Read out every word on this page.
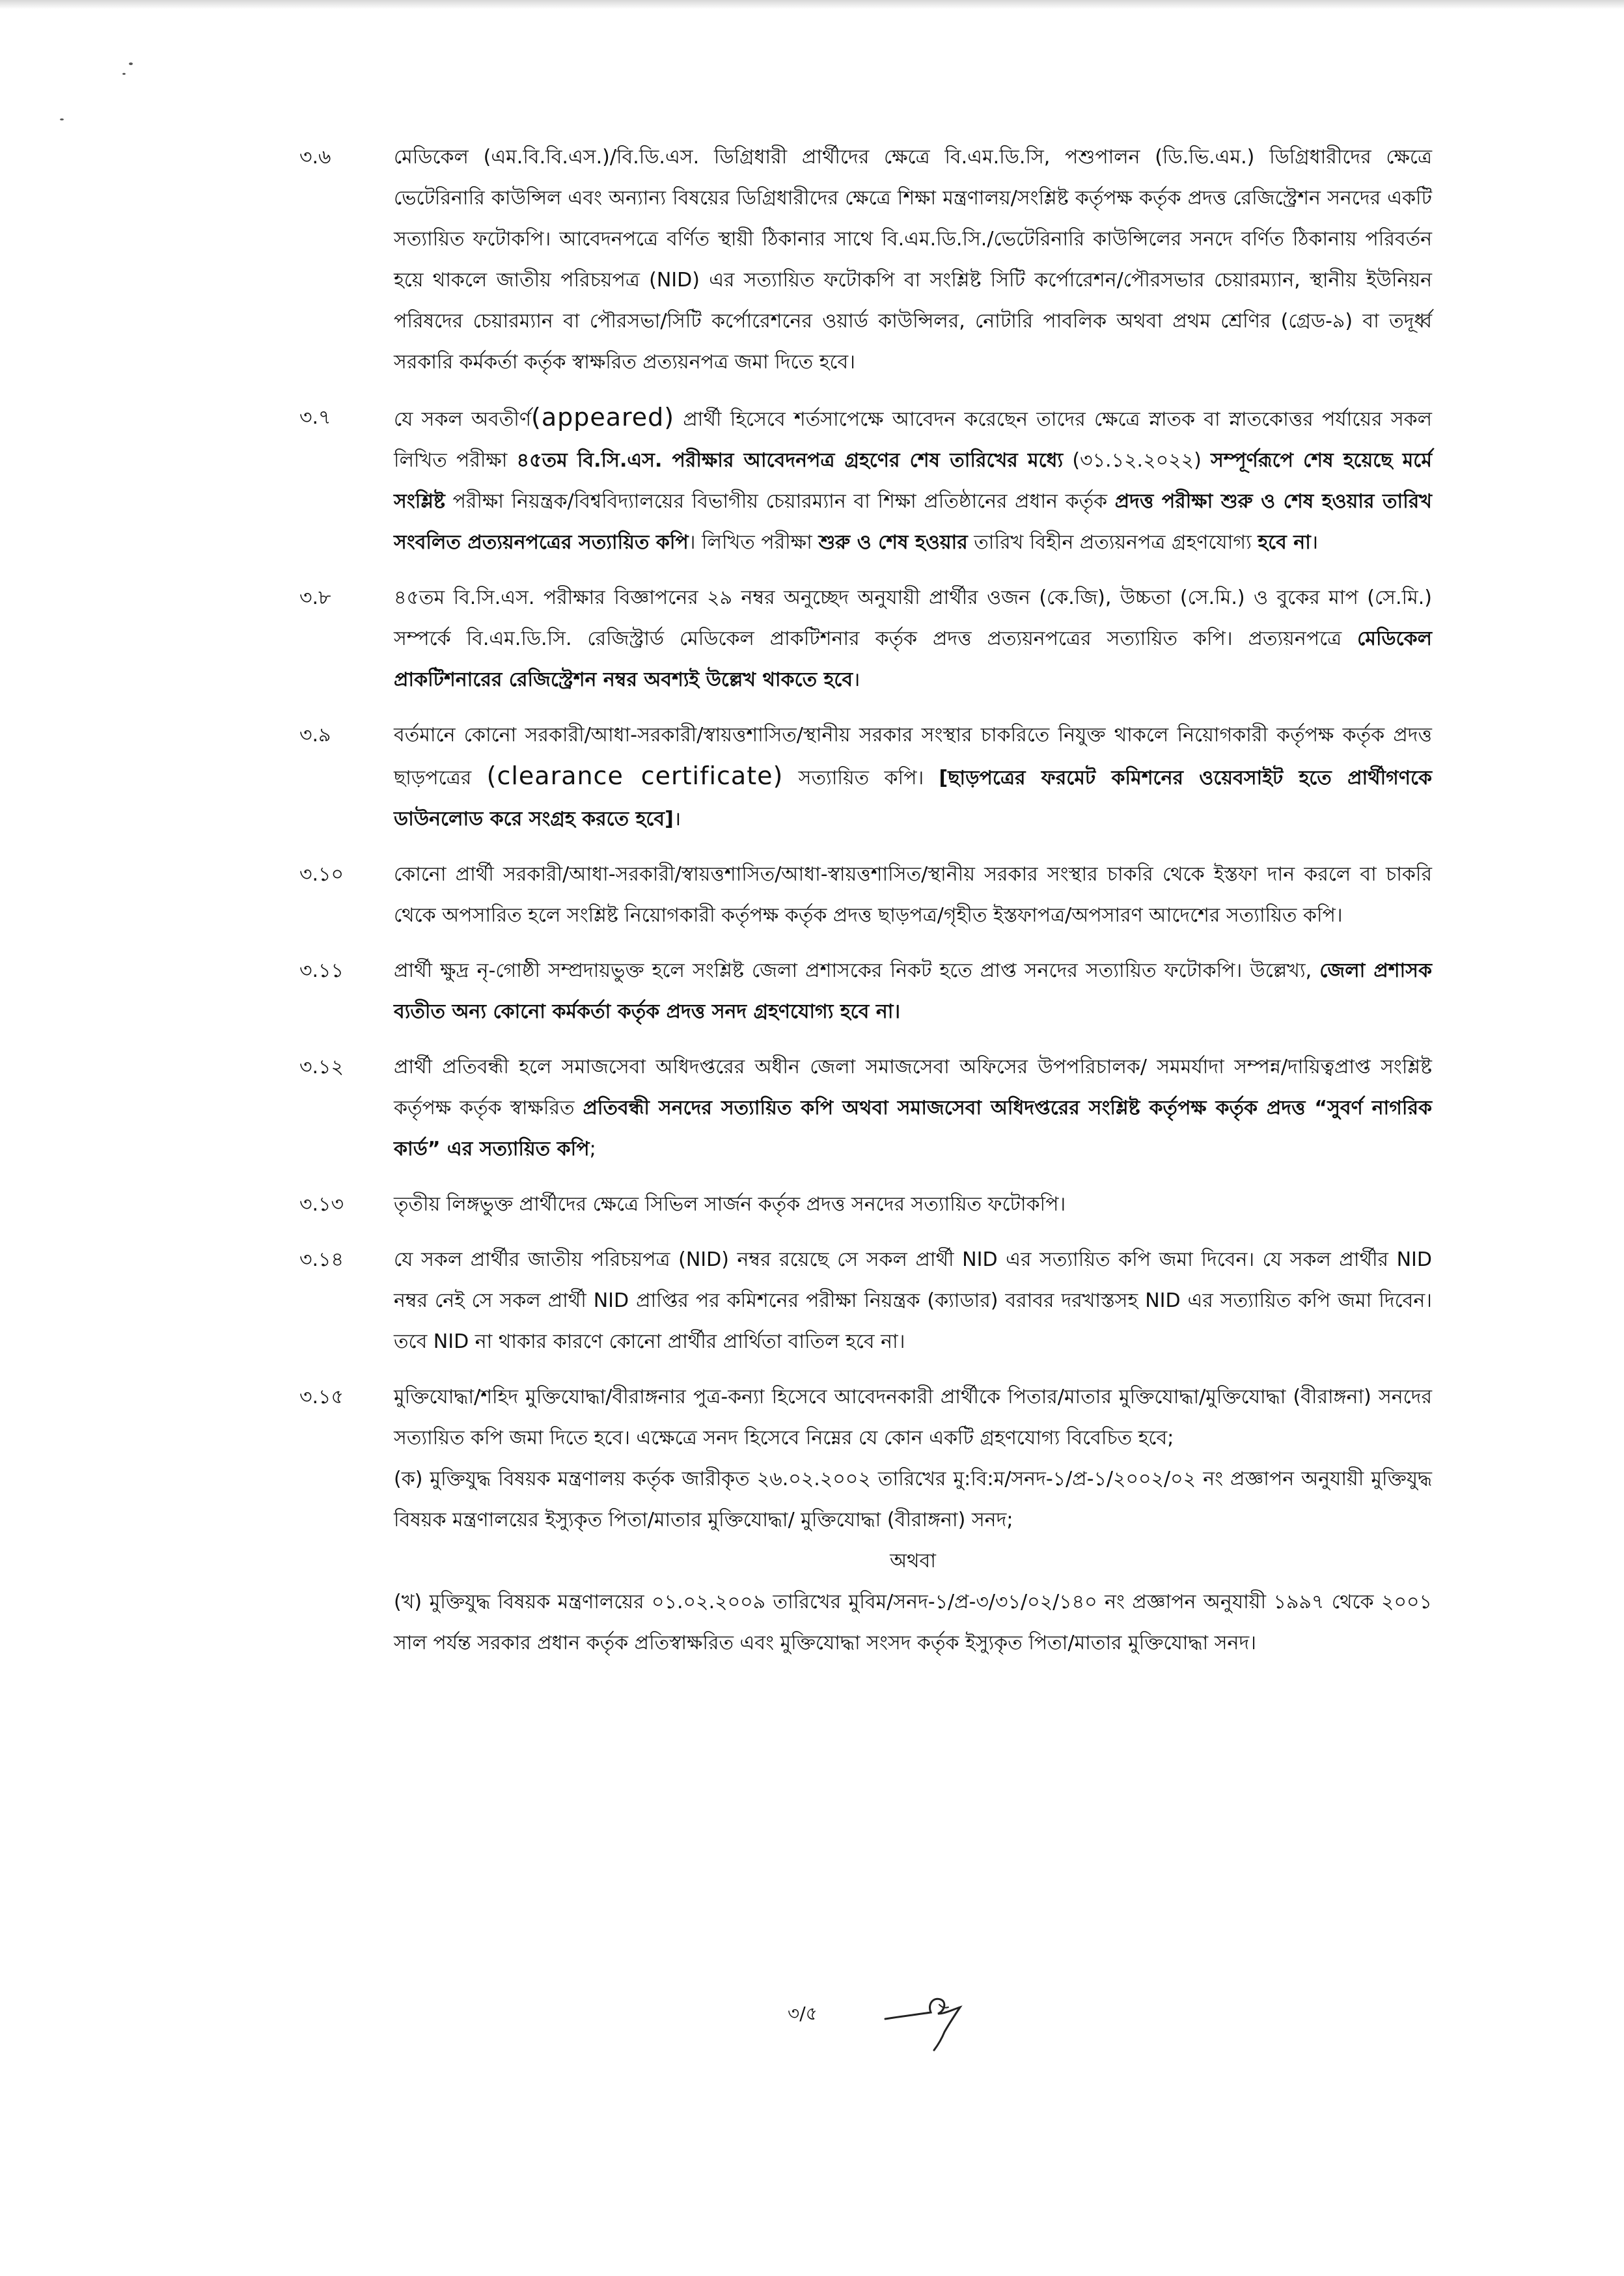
৩.৬	মেডিকেল (এম.বি.বি.এস.)/বি.ডি.এস. ডিগ্রিধারী প্রার্থীদের ক্ষেত্রে বি.এম.ডি.সি, পশুপালন (ডি.ভি.এম.) ডিগ্রিধারীদের ক্ষেত্রে ভেটেরিনারি কাউন্সিল এবং অন্যান্য বিষয়ের ডিগ্রিধারীদের ক্ষেত্রে শিক্ষা মন্ত্রণালয়/সংশ্লিষ্ট কর্তৃপক্ষ কর্তৃক প্রদত্ত রেজিস্ট্রেশন সনদের একটি সত্যায়িত ফটোকপি। আবেদনপত্রে বর্ণিত স্থায়ী ঠিকানার সাথে বি.এম.ডি.সি./ভেটেরিনারি কাউন্সিলের সনদে বর্ণিত ঠিকানায় পরিবর্তন হয়ে থাকলে জাতীয় পরিচয়পত্র (NID) এর সত্যায়িত ফটোকপি বা সংশ্লিষ্ট সিটি কর্পোরেশন/পৌরসভার চেয়ারম্যান, স্থানীয় ইউনিয়ন পরিষদের চেয়ারম্যান বা পৌরসভা/সিটি কর্পোরেশনের ওয়ার্ড কাউন্সিলর, নোটারি পাবলিক অথবা প্রথম শ্রেণির (গ্রেড-৯) বা তদূর্ধ্ব সরকারি কর্মকর্তা কর্তৃক স্বাক্ষরিত প্রত্যয়নপত্র জমা দিতে হবে।

৩.৭	যে সকল অবতীর্ণ(appeared) প্রার্থী হিসেবে শর্তসাপেক্ষে আবেদন করেছেন তাদের ক্ষেত্রে স্নাতক বা স্নাতকোত্তর পর্যায়ের সকল লিখিত পরীক্ষা ৪৫তম বি.সি.এস. পরীক্ষার আবেদনপত্র গ্রহণের শেষ তারিখের মধ্যে (৩১.১২.২০২২) সম্পূর্ণরূপে শেষ হয়েছে মর্মে সংশ্লিষ্ট পরীক্ষা নিয়ন্ত্রক/বিশ্ববিদ্যালয়ের বিভাগীয় চেয়ারম্যান বা শিক্ষা প্রতিষ্ঠানের প্রধান কর্তৃক প্রদত্ত পরীক্ষা শুরু ও শেষ হওয়ার তারিখ সংবলিত প্রত্যয়নপত্রের সত্যায়িত কপি। লিখিত পরীক্ষা শুরু ও শেষ হওয়ার তারিখ বিহীন প্রত্যয়নপত্র গ্রহণযোগ্য হবে না।

৩.৮	৪৫তম বি.সি.এস. পরীক্ষার বিজ্ঞাপনের ২৯ নম্বর অনুচ্ছেদ অনুযায়ী প্রার্থীর ওজন (কে.জি), উচ্চতা (সে.মি.) ও বুকের মাপ (সে.মি.) সম্পর্কে বি.এম.ডি.সি. রেজিস্ট্রার্ড মেডিকেল প্রাকটিশনার কর্তৃক প্রদত্ত প্রত্যয়নপত্রের সত্যায়িত কপি। প্রত্যয়নপত্রে মেডিকেল প্রাকটিশনারের রেজিস্ট্রেশন নম্বর অবশ্যই উল্লেখ থাকতে হবে।

৩.৯	বর্তমানে কোনো সরকারী/আধা-সরকারী/স্বায়ত্তশাসিত/স্থানীয় সরকার সংস্থার চাকরিতে নিযুক্ত থাকলে নিয়োগকারী কর্তৃপক্ষ কর্তৃক প্রদত্ত ছাড়পত্রের (clearance certificate) সত্যায়িত কপি। [ছাড়পত্রের ফরমেট কমিশনের ওয়েবসাইট হতে প্রার্থীগণকে ডাউনলোড করে সংগ্রহ করতে হবে]।

৩.১০	কোনো প্রার্থী সরকারী/আধা-সরকারী/স্বায়ত্তশাসিত/আধা-স্বায়ত্তশাসিত/স্থানীয় সরকার সংস্থার চাকরি থেকে ইস্তফা দান করলে বা চাকরি থেকে অপসারিত হলে সংশ্লিষ্ট নিয়োগকারী কর্তৃপক্ষ কর্তৃক প্রদত্ত ছাড়পত্র/গৃহীত ইস্তফাপত্র/অপসারণ আদেশের সত্যায়িত কপি।

৩.১১	প্রার্থী ক্ষুদ্র নৃ-গোষ্ঠী সম্প্রদায়ভুক্ত হলে সংশ্লিষ্ট জেলা প্রশাসকের নিকট হতে প্রাপ্ত সনদের সত্যায়িত ফটোকপি। উল্লেখ্য, জেলা প্রশাসক ব্যতীত অন্য কোনো কর্মকর্তা কর্তৃক প্রদত্ত সনদ গ্রহণযোগ্য হবে না।

৩.১২	প্রার্থী প্রতিবন্ধী হলে সমাজসেবা অধিদপ্তরের অধীন জেলা সমাজসেবা অফিসের উপপরিচালক/ সমমর্যাদা সম্পন্ন/দায়িত্বপ্রাপ্ত সংশ্লিষ্ট কর্তৃপক্ষ কর্তৃক স্বাক্ষরিত প্রতিবন্ধী সনদের সত্যায়িত কপি অথবা সমাজসেবা অধিদপ্তরের সংশ্লিষ্ট কর্তৃপক্ষ কর্তৃক প্রদত্ত “সুবর্ণ নাগরিক কার্ড” এর সত্যায়িত কপি;

৩.১৩	তৃতীয় লিঙ্গভুক্ত প্রার্থীদের ক্ষেত্রে সিভিল সার্জন কর্তৃক প্রদত্ত সনদের সত্যায়িত ফটোকপি।

৩.১৪	যে সকল প্রার্থীর জাতীয় পরিচয়পত্র (NID) নম্বর রয়েছে সে সকল প্রার্থী NID এর সত্যায়িত কপি জমা দিবেন। যে সকল প্রার্থীর NID নম্বর নেই সে সকল প্রার্থী NID প্রাপ্তির পর কমিশনের পরীক্ষা নিয়ন্ত্রক (ক্যাডার) বরাবর দরখাস্তসহ NID এর সত্যায়িত কপি জমা দিবেন। তবে NID না থাকার কারণে কোনো প্রার্থীর প্রার্থিতা বাতিল হবে না।

৩.১৫	মুক্তিযোদ্ধা/শহিদ মুক্তিযোদ্ধা/বীরাঙ্গনার পুত্র-কন্যা হিসেবে আবেদনকারী প্রার্থীকে পিতার/মাতার মুক্তিযোদ্ধা/মুক্তিযোদ্ধা (বীরাঙ্গনা) সনদের সত্যায়িত কপি জমা দিতে হবে। এক্ষেত্রে সনদ হিসেবে নিম্নের যে কোন একটি গ্রহণযোগ্য বিবেচিত হবে;

(ক) মুক্তিযুদ্ধ বিষয়ক মন্ত্রণালয় কর্তৃক জারীকৃত ২৬.০২.২০০২ তারিখের মু:বি:ম/সনদ-১/প্র-১/২০০২/০২ নং প্রজ্ঞাপন অনুযায়ী মুক্তিযুদ্ধ বিষয়ক মন্ত্রণালয়ের ইস্যুকৃত পিতা/মাতার মুক্তিযোদ্ধা/ মুক্তিযোদ্ধা (বীরাঙ্গনা) সনদ;

অথবা

(খ) মুক্তিযুদ্ধ বিষয়ক মন্ত্রণালয়ের ০১.০২.২০০৯ তারিখের মুবিম/সনদ-১/প্র-৩/৩১/০২/১৪০ নং প্রজ্ঞাপন অনুযায়ী ১৯৯৭ থেকে ২০০১ সাল পর্যন্ত সরকার প্রধান কর্তৃক প্রতিস্বাক্ষরিত এবং মুক্তিযোদ্ধা সংসদ কর্তৃক ইস্যুকৃত পিতা/মাতার মুক্তিযোদ্ধা সনদ।

৩/৫
